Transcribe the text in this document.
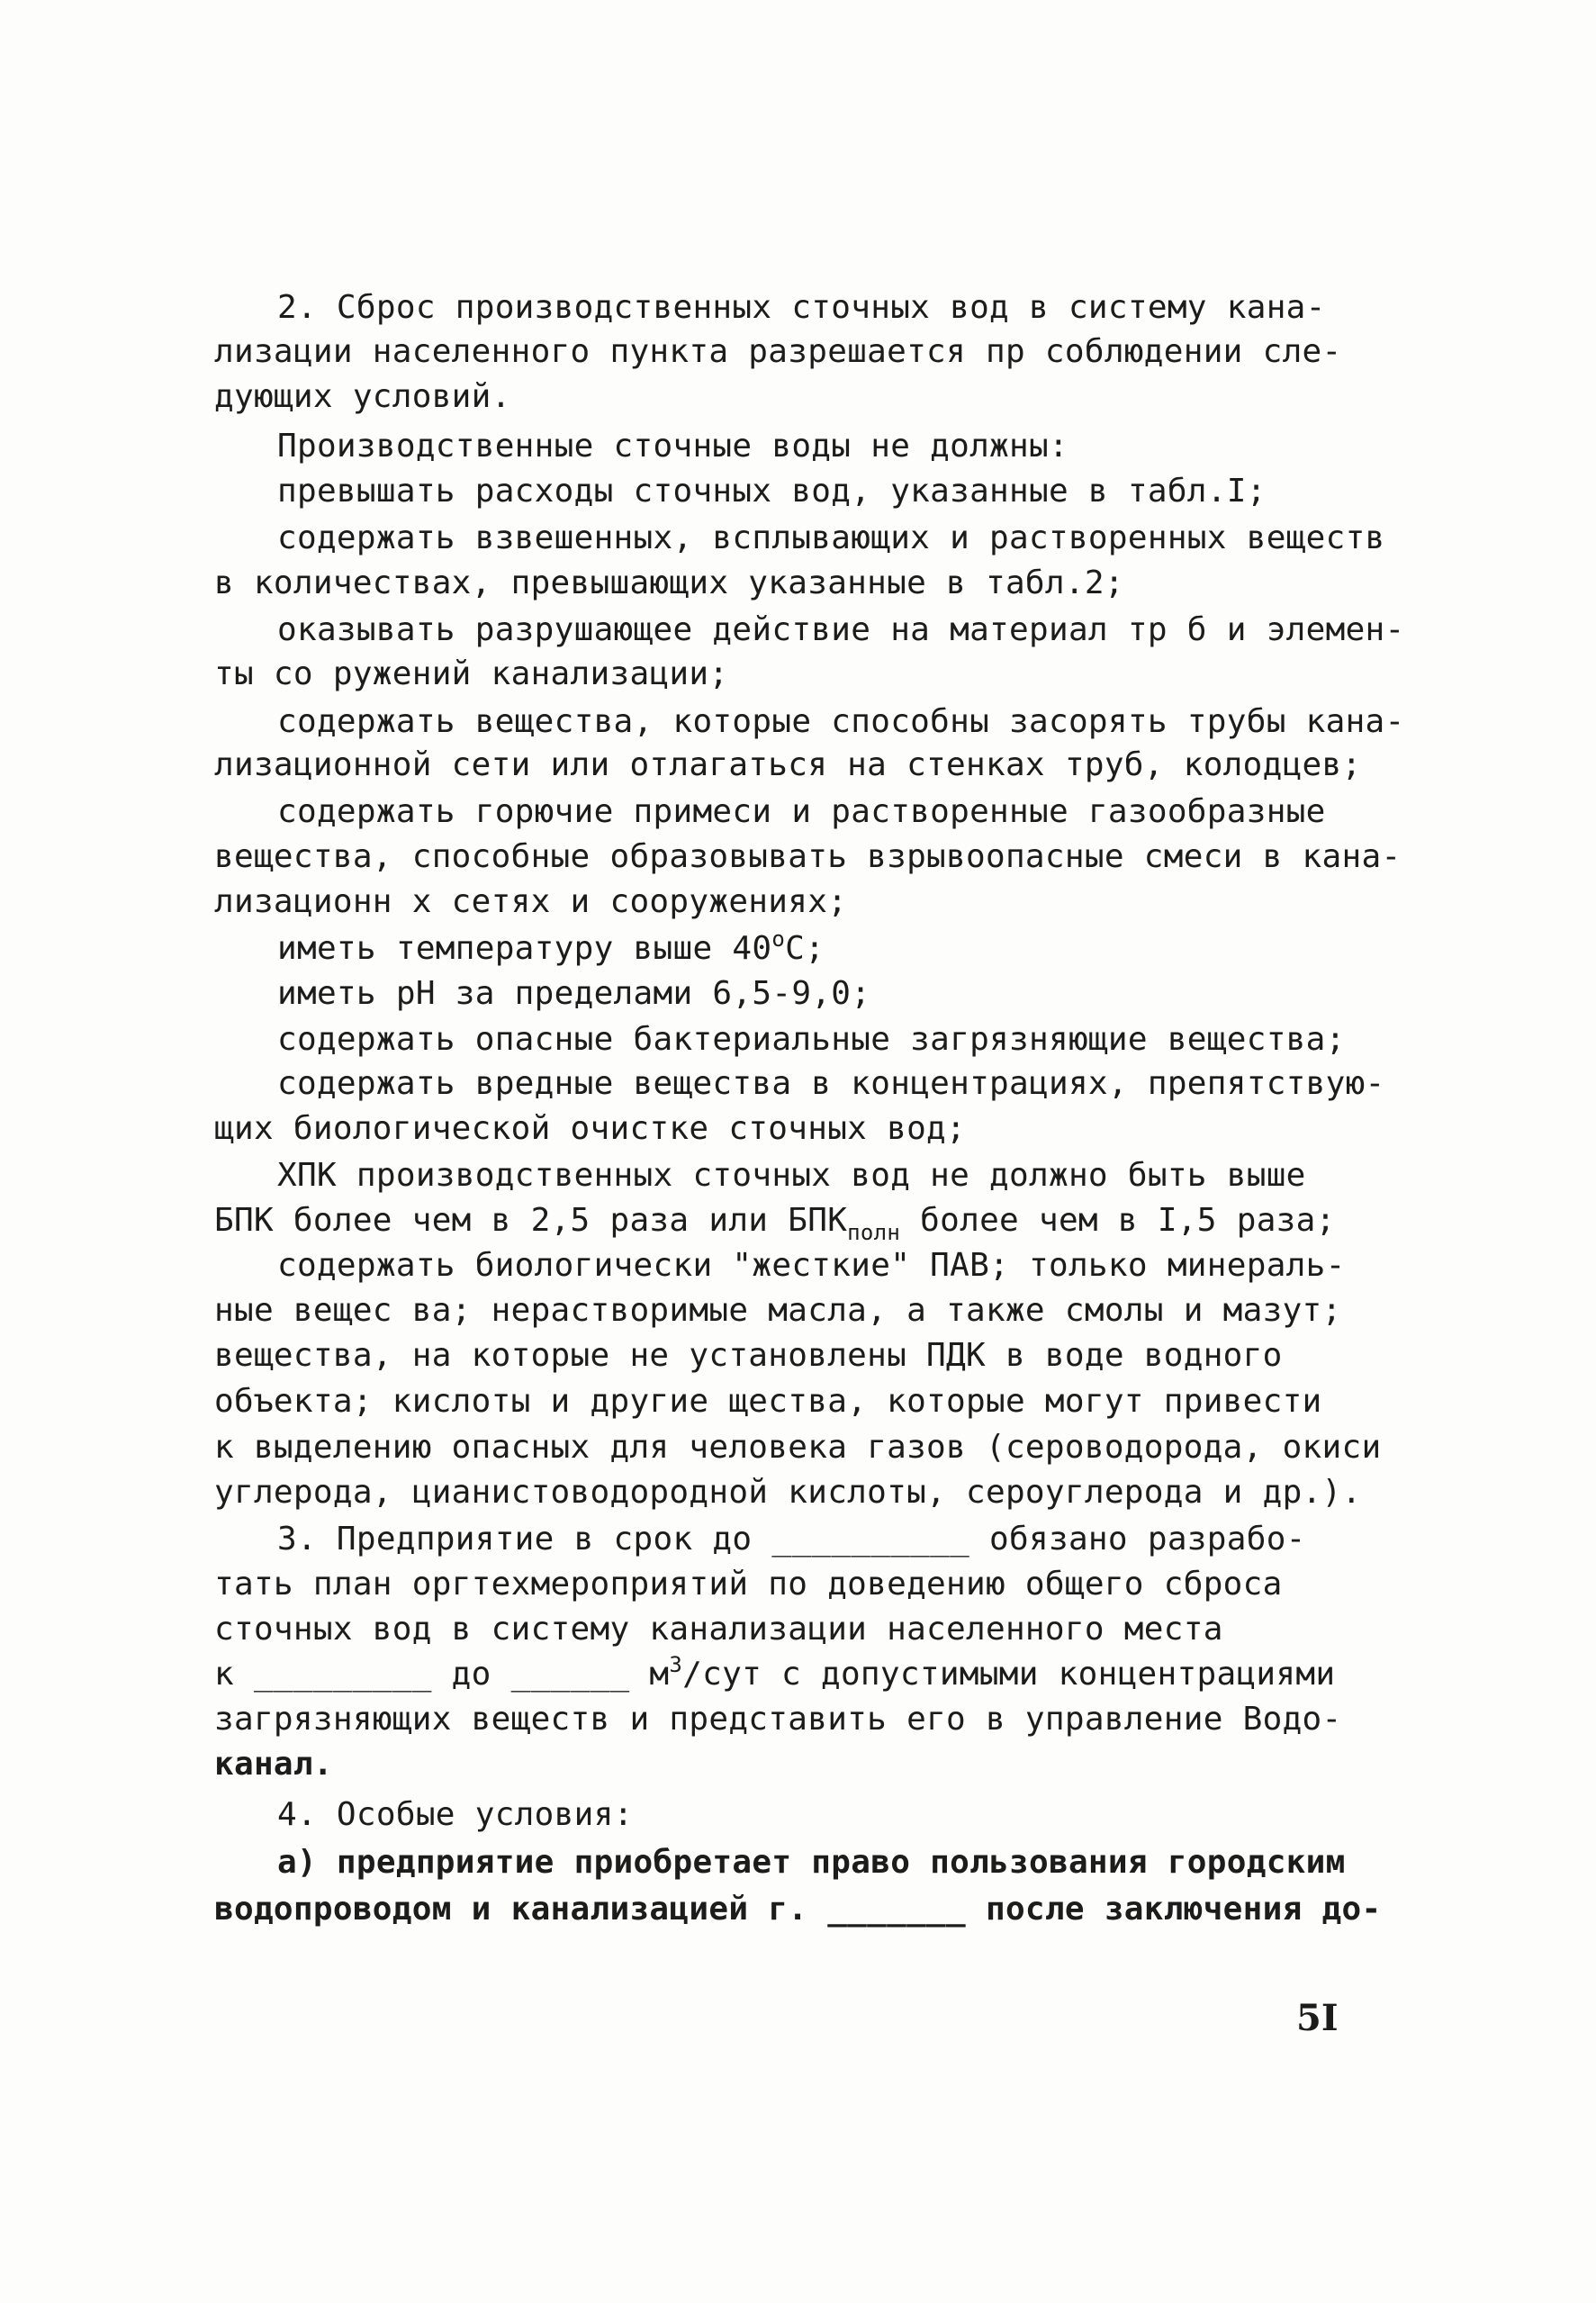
2. Сброс производственных сточных вод в систему кана-
лизации населенного пункта разрешается пр соблюдении сле-
дующих условий.
Производственные сточные воды не должны:
превышать расходы сточных вод, указанные в табл.I;
содержать взвешенных, всплывающих и растворенных веществ
в количествах, превышающих указанные в табл.2;
оказывать разрушающее действие на материал тр б и элемен-
ты со ружений канализации;
содержать вещества, которые способны засорять трубы кана-
лизационной сети или отлагаться на стенках труб, колодцев;
содержать горючие примеси и растворенные газообразные
вещества, способные образовывать взрывоопасные смеси в кана-
лизационн х сетях и сооружениях;
иметь температуру выше 40$^o$C;
иметь pH за пределами 6,5-9,0;
содержать опасные бактериальные загрязняющие вещества;
содержать вредные вещества в концентрациях, препятствую-
щих биологической очистке сточных вод;
ХПК производственных сточных вод не должно быть выше
БПК более чем в 2,5 раза или $БПК_{полн}$ более чем в I,5 раза;
содержать биологически "жесткие" ПАВ; только минераль-
ные вещес ва; нерастворимые масла, а также смолы и мазут;
вещества, на которые не установлены ПДК в воде водного
объекта; кислоты и другие щества, которые могут привести
к выделению опасных для человека газов (сероводорода, окиси
углерода, цианистоводородной кислоты, сероуглерода и др.).
3. Предприятие в срок до __________ обязано разрабо-
тать план оргтехмероприятий по доведению общего сброса
сточных вод в систему канализации населенного места
к _________ до ______ $м^3$/сут с допустимыми концентрациями
загрязняющих веществ и представить его в управление Водо-
канал.
4. Особые условия:
а) предприятие приобретает право пользования городским
водопроводом и канализацией г. _______ после заключения до-
5I
